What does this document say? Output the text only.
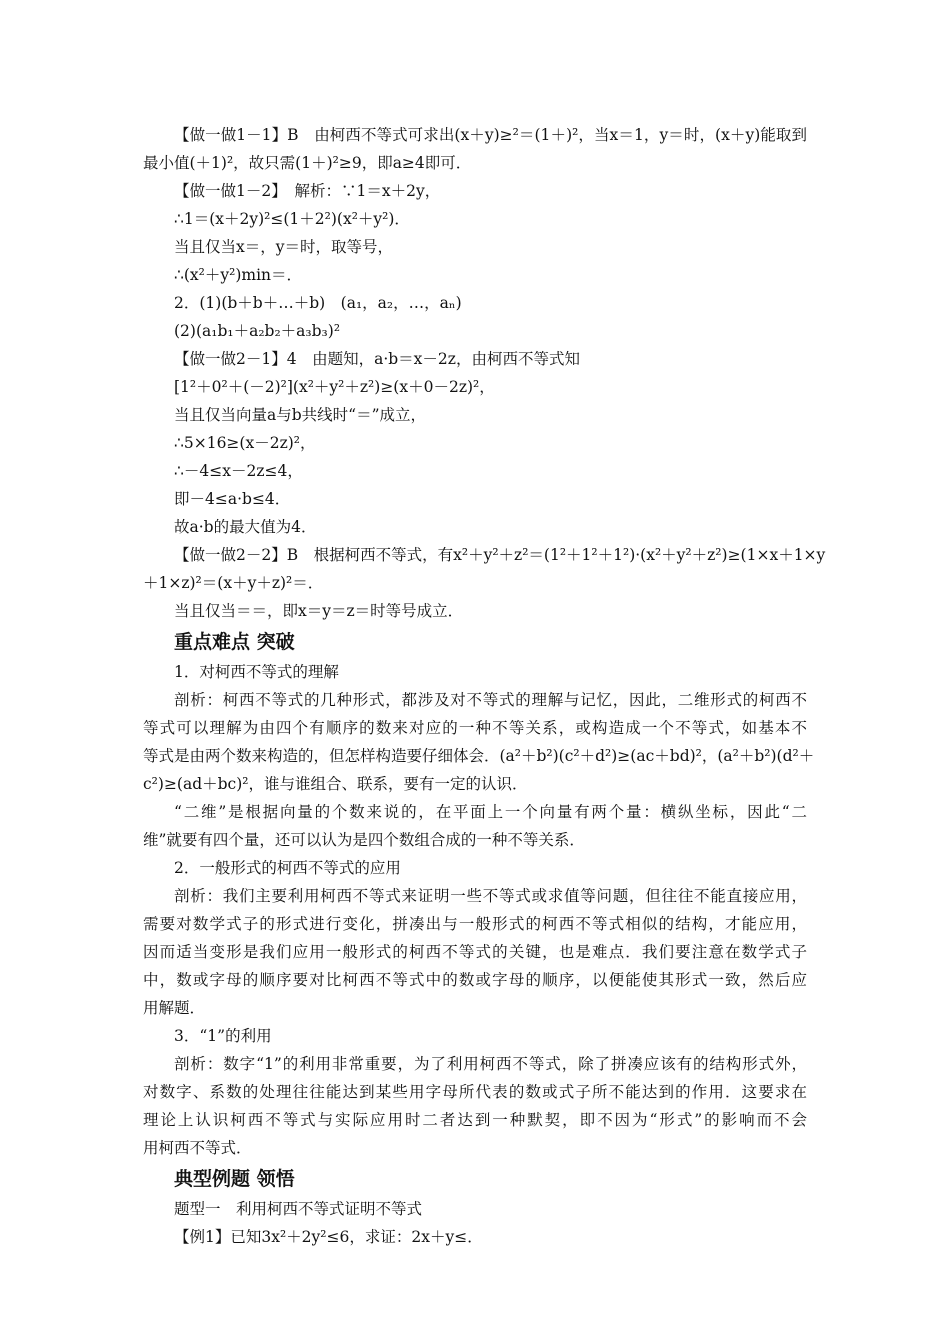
【做一做1－1】B　由柯西不等式可求出(x＋y)≥²＝(1＋)²，当x＝1，y＝时，(x＋y)能取到
最小值(＋1)²，故只需(1＋)²≥9，即a≥4即可．
【做一做1－2】　解析：∵1＝x＋2y，
∴1＝(x＋2y)²≤(1＋2²)(x²＋y²)．
当且仅当x＝，y＝时，取等号，
∴(x²＋y²)min＝．
2．(1)(b＋b＋…＋b)　(a₁，a₂，…，aₙ)
(2)(a₁b₁＋a₂b₂＋a₃b₃)²
【做一做2－1】4　由题知，a·b＝x－2z，由柯西不等式知
[1²＋0²＋(－2)²](x²＋y²＋z²)≥(x＋0－2z)²，
当且仅当向量a与b共线时“＝”成立，
∴5×16≥(x－2z)²，
∴－4≤x－2z≤4，
即－4≤a·b≤4．
故a·b的最大值为4．
【做一做2－2】B　根据柯西不等式，有x²＋y²＋z²＝(1²＋1²＋1²)·(x²＋y²＋z²)≥(1×x＋1×y
＋1×z)²＝(x＋y＋z)²＝．
当且仅当＝＝，即x＝y＝z＝时等号成立．
重点难点 突破
1．对柯西不等式的理解
剖析：柯西不等式的几种形式，都涉及对不等式的理解与记忆，因此，二维形式的柯西不
等式可以理解为由四个有顺序的数来对应的一种不等关系，或构造成一个不等式，如基本不
等式是由两个数来构造的，但怎样构造要仔细体会．(a²＋b²)(c²＋d²)≥(ac＋bd)²，(a²＋b²)(d²＋
c²)≥(ad＋bc)²，谁与谁组合、联系，要有一定的认识．
“二维”是根据向量的个数来说的，在平面上一个向量有两个量：横纵坐标，因此“二
维”就要有四个量，还可以认为是四个数组合成的一种不等关系．
2．一般形式的柯西不等式的应用
剖析：我们主要利用柯西不等式来证明一些不等式或求值等问题，但往往不能直接应用，
需要对数学式子的形式进行变化，拼凑出与一般形式的柯西不等式相似的结构，才能应用，
因而适当变形是我们应用一般形式的柯西不等式的关键，也是难点．我们要注意在数学式子
中，数或字母的顺序要对比柯西不等式中的数或字母的顺序，以便能使其形式一致，然后应
用解题．
3．“1”的利用
剖析：数字“1”的利用非常重要，为了利用柯西不等式，除了拼凑应该有的结构形式外，
对数字、系数的处理往往能达到某些用字母所代表的数或式子所不能达到的作用．这要求在
理论上认识柯西不等式与实际应用时二者达到一种默契，即不因为“形式”的影响而不会
用柯西不等式．
典型例题 领悟
题型一　利用柯西不等式证明不等式
【例1】已知3x²＋2y²≤6，求证：2x＋y≤．
